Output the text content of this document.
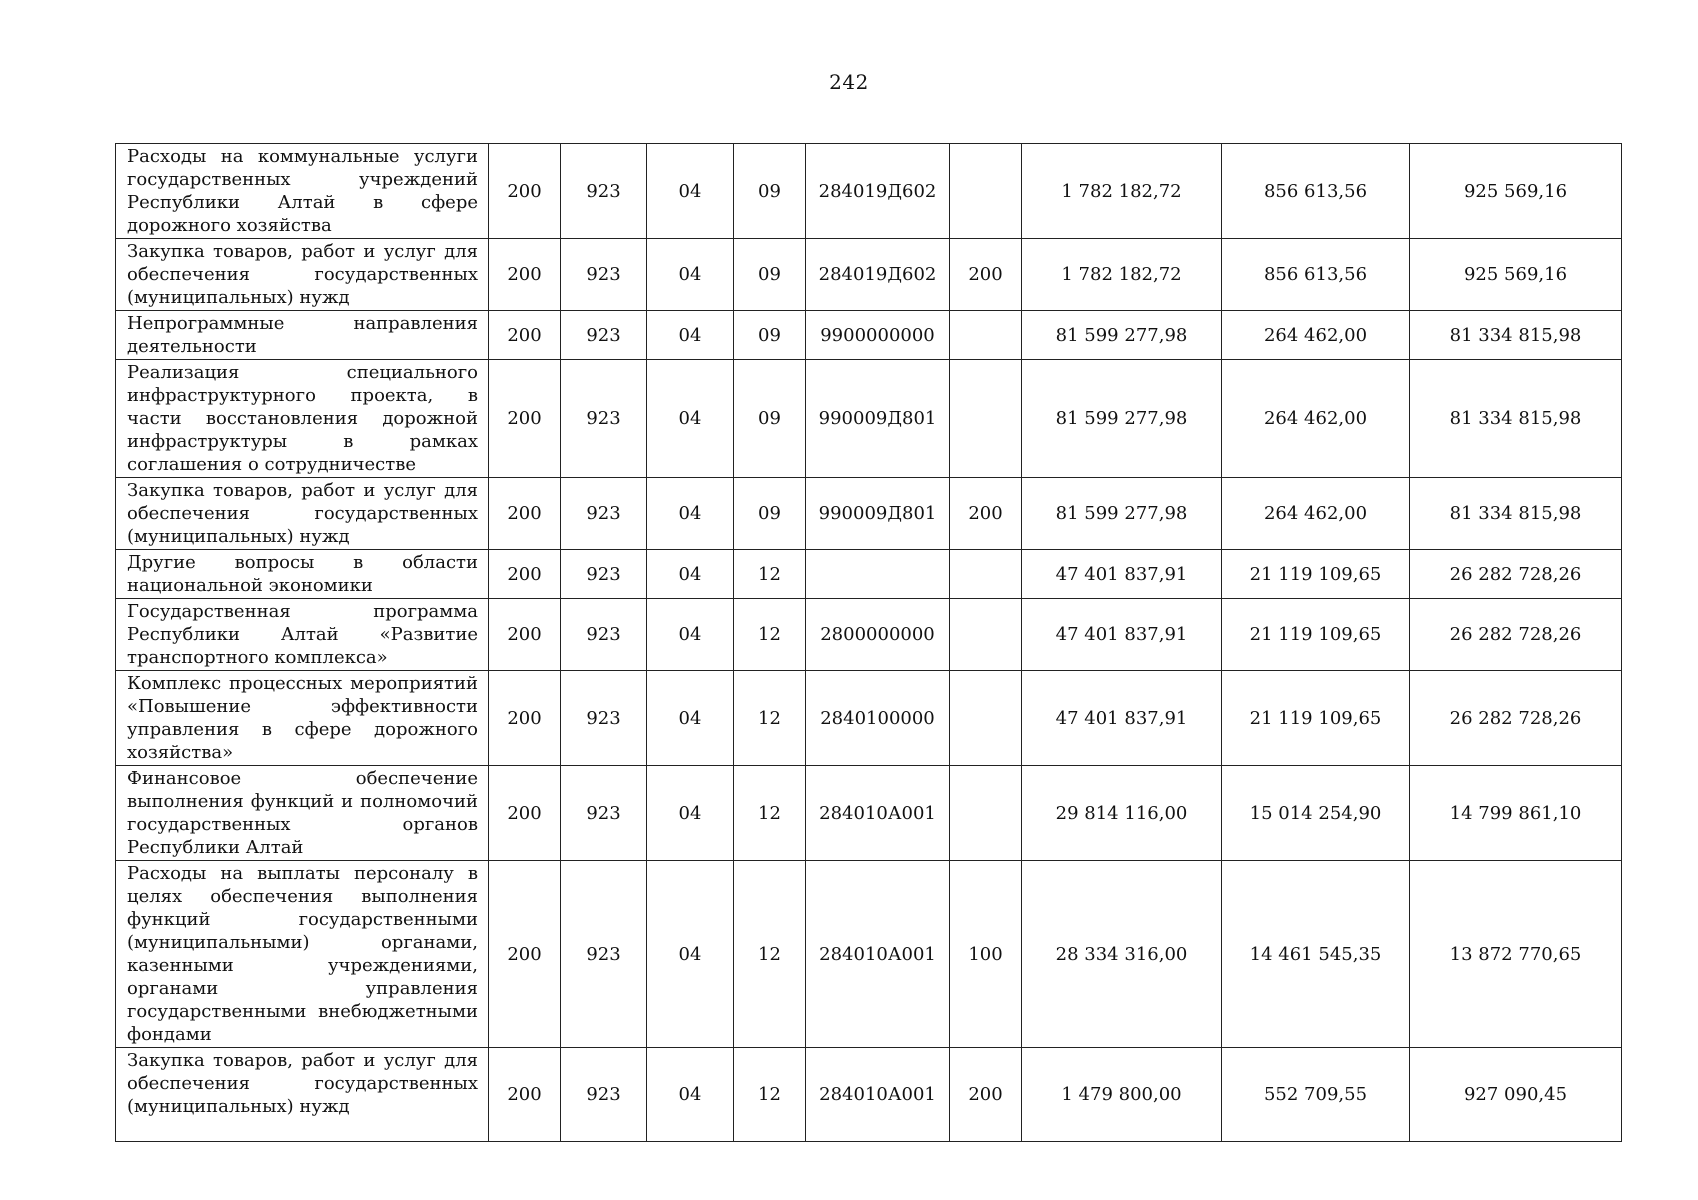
242
Расходы на коммунальные услуги государственных учреждений Республики Алтай в сфере дорожного хозяйства	200	923	04	09	284019Д602		1 782 182,72	856 613,56	925 569,16
Закупка товаров, работ и услуг для обеспечения государственных (муниципальных) нужд	200	923	04	09	284019Д602	200	1 782 182,72	856 613,56	925 569,16
Непрограммные направления деятельности	200	923	04	09	9900000000		81 599 277,98	264 462,00	81 334 815,98
Реализация специального инфраструктурного проекта, в части восстановления дорожной инфраструктуры в рамках соглашения о сотрудничестве	200	923	04	09	990009Д801		81 599 277,98	264 462,00	81 334 815,98
Закупка товаров, работ и услуг для обеспечения государственных (муниципальных) нужд	200	923	04	09	990009Д801	200	81 599 277,98	264 462,00	81 334 815,98
Другие вопросы в области национальной экономики	200	923	04	12			47 401 837,91	21 119 109,65	26 282 728,26
Государственная программа Республики Алтай «Развитие транспортного комплекса»	200	923	04	12	2800000000		47 401 837,91	21 119 109,65	26 282 728,26
Комплекс процессных мероприятий «Повышение эффективности управления в сфере дорожного хозяйства»	200	923	04	12	2840100000		47 401 837,91	21 119 109,65	26 282 728,26
Финансовое обеспечение выполнения функций и полномочий государственных органов Республики Алтай	200	923	04	12	284010А001		29 814 116,00	15 014 254,90	14 799 861,10
Расходы на выплаты персоналу в целях обеспечения выполнения функций государственными (муниципальными) органами, казенными учреждениями, органами управления государственными внебюджетными фондами	200	923	04	12	284010А001	100	28 334 316,00	14 461 545,35	13 872 770,65
Закупка товаров, работ и услуг для обеспечения государственных (муниципальных) нужд	200	923	04	12	284010А001	200	1 479 800,00	552 709,55	927 090,45
